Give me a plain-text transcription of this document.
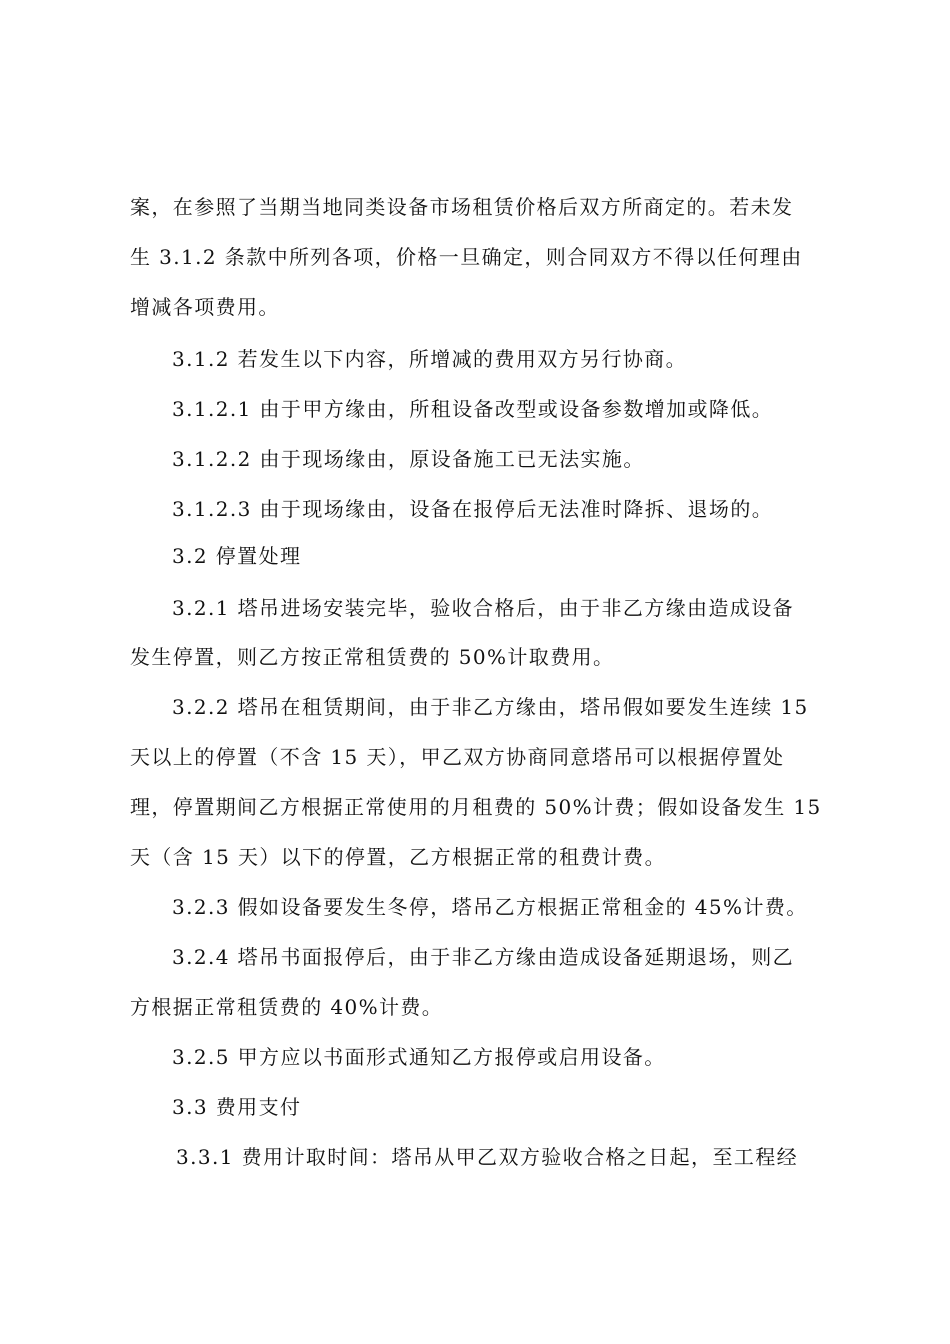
案，在参照了当期当地同类设备市场租赁价格后双方所商定的。若未发
生 3.1.2 条款中所列各项，价格一旦确定，则合同双方不得以任何理由
增减各项费用。
3.1.2 若发生以下内容，所增减的费用双方另行协商。
3.1.2.1 由于甲方缘由，所租设备改型或设备参数增加或降低。
3.1.2.2 由于现场缘由，原设备施工已无法实施。
3.1.2.3 由于现场缘由，设备在报停后无法准时降拆、退场的。
3.2 停置处理
3.2.1 塔吊进场安装完毕，验收合格后，由于非乙方缘由造成设备
发生停置，则乙方按正常租赁费的 50%计取费用。
3.2.2 塔吊在租赁期间，由于非乙方缘由，塔吊假如要发生连续 15
天以上的停置（不含 15 天），甲乙双方协商同意塔吊可以根据停置处
理，停置期间乙方根据正常使用的月租费的 50%计费；假如设备发生 15
天（含 15 天）以下的停置，乙方根据正常的租费计费。
3.2.3 假如设备要发生冬停，塔吊乙方根据正常租金的 45%计费。
3.2.4 塔吊书面报停后，由于非乙方缘由造成设备延期退场，则乙
方根据正常租赁费的 40%计费。
3.2.5 甲方应以书面形式通知乙方报停或启用设备。
3.3 费用支付
3.3.1 费用计取时间：塔吊从甲乙双方验收合格之日起，至工程经
